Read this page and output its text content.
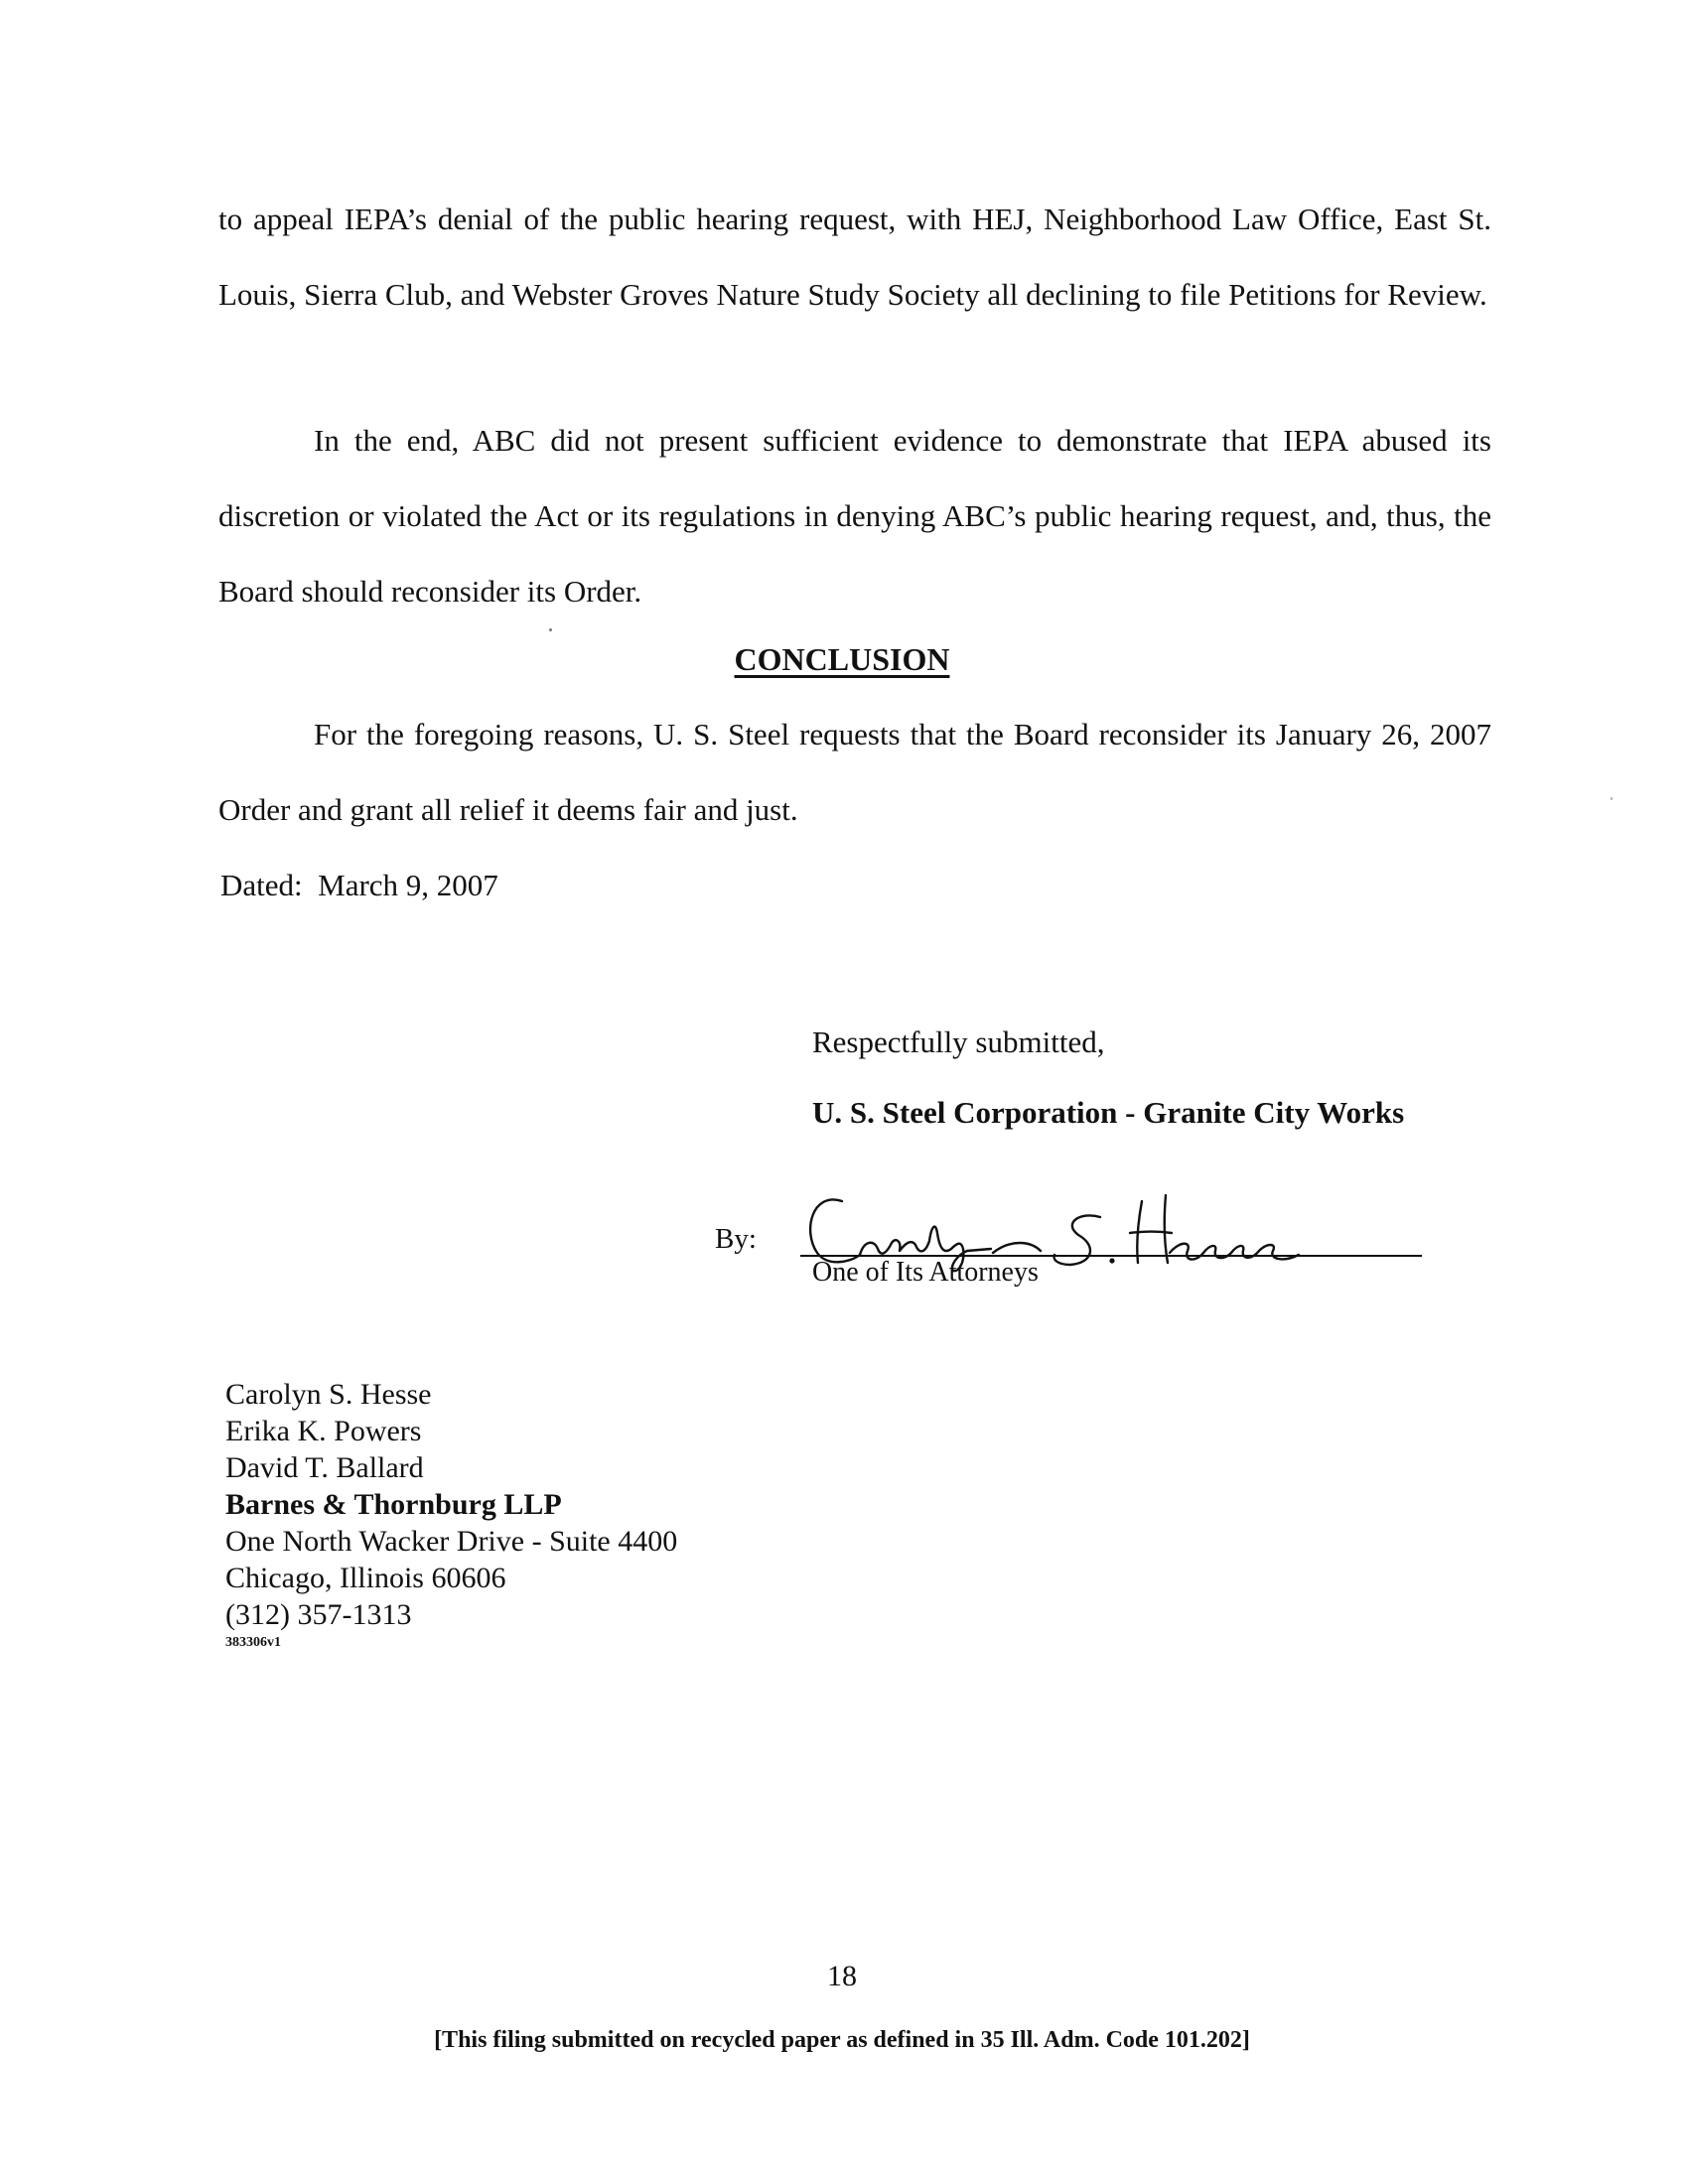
to appeal IEPA’s denial of the public hearing request, with HEJ, Neighborhood Law Office, East St. Louis, Sierra Club, and Webster Groves Nature Study Society all declining to file Petitions for Review.

In the end, ABC did not present sufficient evidence to demonstrate that IEPA abused its discretion or violated the Act or its regulations in denying ABC’s public hearing request, and, thus, the Board should reconsider its Order.

CONCLUSION

For the foregoing reasons, U. S. Steel requests that the Board reconsider its January 26, 2007 Order and grant all relief it deems fair and just.

Dated:  March 9, 2007

Respectfully submitted,

U. S. Steel Corporation - Granite City Works

By:

One of Its Attorneys

Carolyn S. Hesse
Erika K. Powers
David T. Ballard
Barnes & Thornburg LLP
One North Wacker Drive - Suite 4400
Chicago, Illinois 60606
(312) 357-1313

383306v1

18

[This filing submitted on recycled paper as defined in 35 Ill. Adm. Code 101.202]
